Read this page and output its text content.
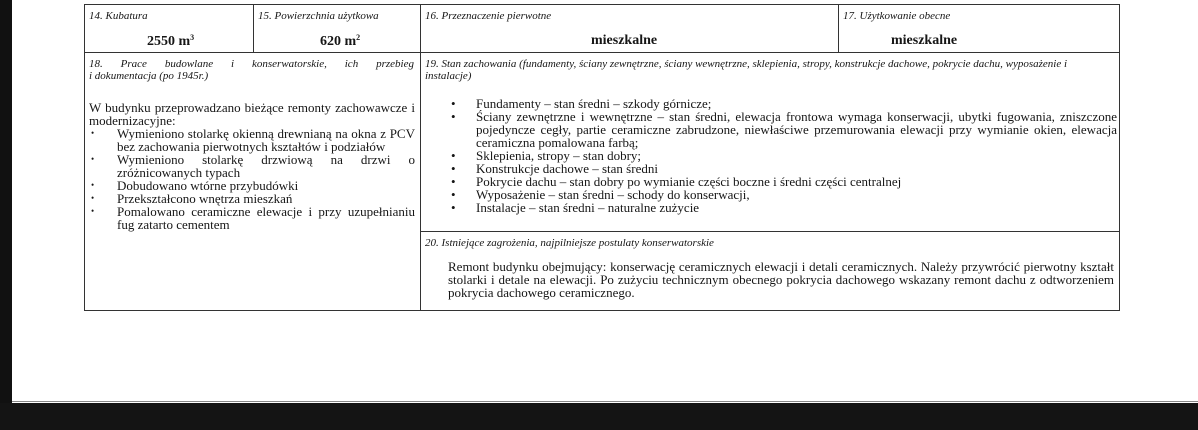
14. Kubatura
2550 $m^3$
15. Powierzchnia użytkowa
620 $m^2$
16. Przeznaczenie pierwotne
mieszkalne
17. Użytkowanie obecne
mieszkalne
18. Prace budowlane i konserwatorskie, ich przebieg
i dokumentacja (po 1945r.)
W budynku przeprowadzano bieżące remonty zachowawcze i modernizacyjne:
• Wymieniono stolarkę okienną drewnianą na okna z PCV bez zachowania pierwotnych kształtów i podziałów
• Wymieniono stolarkę drzwiową na drzwi o zróżnicowanych typach
• Dobudowano wtórne przybudówki
• Przekształcono wnętrza mieszkań
• Pomalowano ceramiczne elewacje i przy uzupełnianiu fug zatarto cementem
19. Stan zachowania (fundamenty, ściany zewnętrzne, ściany wewnętrzne, sklepienia, stropy, konstrukcje dachowe, pokrycie dachu, wyposażenie i instalacje)
• Fundamenty – stan średni – szkody górnicze;
• Ściany zewnętrzne i wewnętrzne – stan średni, elewacja frontowa wymaga konserwacji, ubytki fugowania, zniszczone pojedyncze cegły, partie ceramiczne zabrudzone, niewłaściwe przemurowania elewacji przy wymianie okien, elewacja ceramiczna pomalowana farbą;
• Sklepienia, stropy – stan dobry;
• Konstrukcje dachowe – stan średni
• Pokrycie dachu – stan dobry po wymianie części boczne i średni części centralnej
• Wyposażenie – stan średni – schody do konserwacji,
• Instalacje – stan średni – naturalne zużycie
20. Istniejące zagrożenia, najpilniejsze postulaty konserwatorskie
Remont budynku obejmujący: konserwację ceramicznych elewacji i detali ceramicznych. Należy przywrócić pierwotny kształt stolarki i detale na elewacji. Po zużyciu technicznym obecnego pokrycia dachowego wskazany remont dachu z odtworzeniem pokrycia dachowego ceramicznego.
